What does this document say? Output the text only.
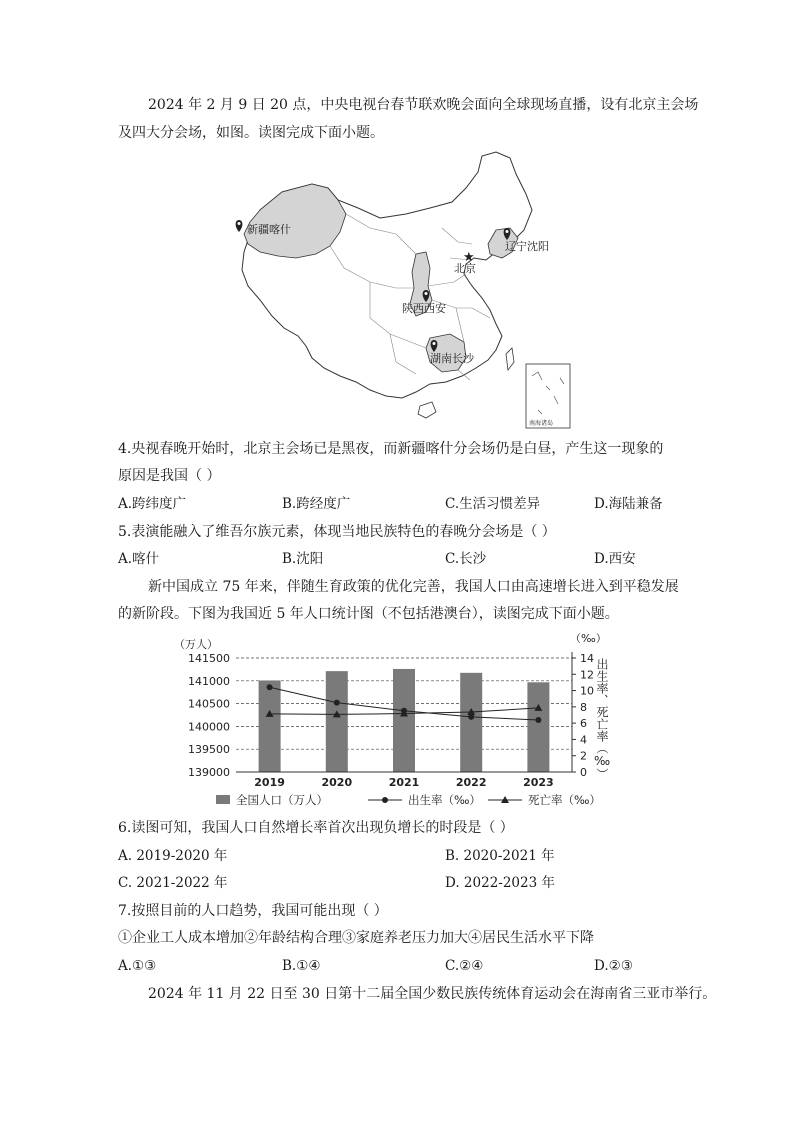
2024 年 2 月 9 日 20 点，中央电视台春节联欢晚会面向全球现场直播，设有北京主会场
及四大分会场，如图。读图完成下面小题。
南海诸岛
新疆喀什
辽宁沈阳
★
北京
陕西西安
湖南长沙
4.央视春晚开始时，北京主会场已是黑夜，而新疆喀什分会场仍是白昼，产生这一现象的
原因是我国（ ）
A.跨纬度广	B.跨经度广	C.生活习惯差异	D.海陆兼备
5.表演能融入了维吾尔族元素，体现当地民族特色的春晚分会场是（ ）
A.喀什	B.沈阳	C.长沙	D.西安
新中国成立 75 年来，伴随生育政策的优化完善，我国人口由高速增长进入到平稳发展
的新阶段。下图为我国近 5 年人口统计图（不包括港澳台），读图完成下面小题。
（万人）	（‰）
出生率、死亡率（‰）
141500
141000
140500
140000
139500
139000
14
12
10
8
6
4
2
0
2019	2020	2021	2022	2023
全国人口（万人）	出生率（‰）	死亡率（‰）
6.读图可知，我国人口自然增长率首次出现负增长的时段是（ ）
A. 2019-2020 年	B. 2020-2021 年
C. 2021-2022 年	D. 2022-2023 年
7.按照目前的人口趋势，我国可能出现（ ）
①企业工人成本增加②年龄结构合理③家庭养老压力加大④居民生活水平下降
A.①③	B.①④	C.②④	D.②③
2024 年 11 月 22 日至 30 日第十二届全国少数民族传统体育运动会在海南省三亚市举行。
